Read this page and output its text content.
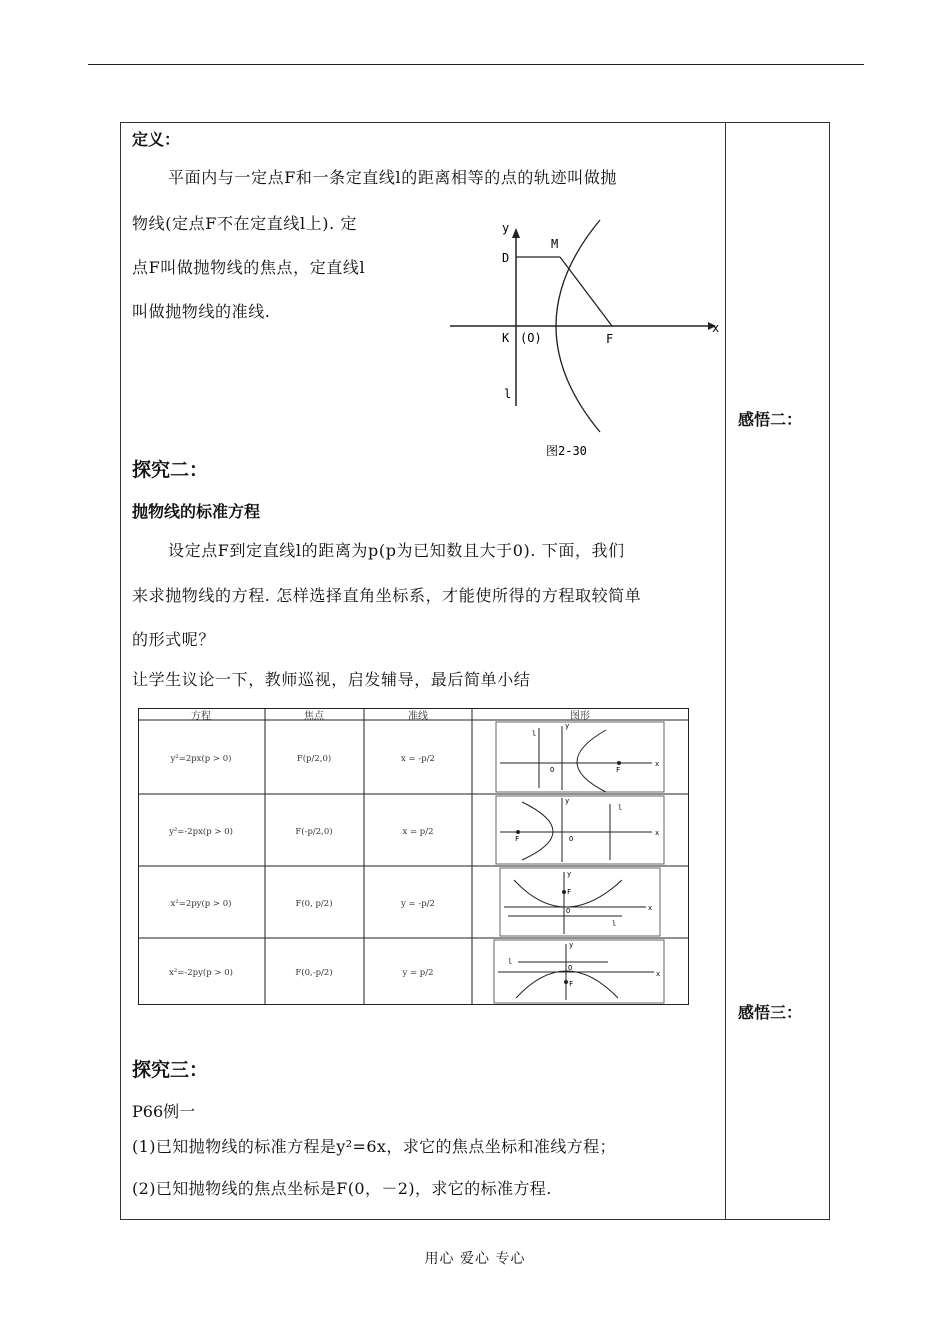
定义：
平面内与一定点F和一条定直线l的距离相等的点的轨迹叫做抛
物线(定点F不在定直线l上). 定
点F叫做抛物线的焦点，定直线l
叫做抛物线的准线.
y
x
M
D
K (O)	F
l
图2-30
探究二：
抛物线的标准方程
设定点F到定直线l的距离为p(p为已知数且大于0). 下面，我们
来求抛物线的方程. 怎样选择直角坐标系，才能使所得的方程取较简单
的形式呢？
让学生议论一下，教师巡视，启发辅导，最后简单小结
方程	焦点	准线	图形
y²=2px(p > 0)	F(p/2,0)	x = -p/2
y²=-2px(p > 0)	F(-p/2,0)	x = p/2
x²=2py(p > 0)	F(0, p/2)	y = -p/2
x²=-2py(p > 0)	F(0,-p/2)	y = p/2
x
y
O	F
l
x
y
O
F
l
x
y
O
F
l
x
y
O
F
l
探究三：
P66例一
(1)已知抛物线的标准方程是y²=6x，求它的焦点坐标和准线方程；
(2)已知抛物线的焦点坐标是F(0，－2)，求它的标准方程.
感悟二：
感悟三：
用心 爱心 专心
